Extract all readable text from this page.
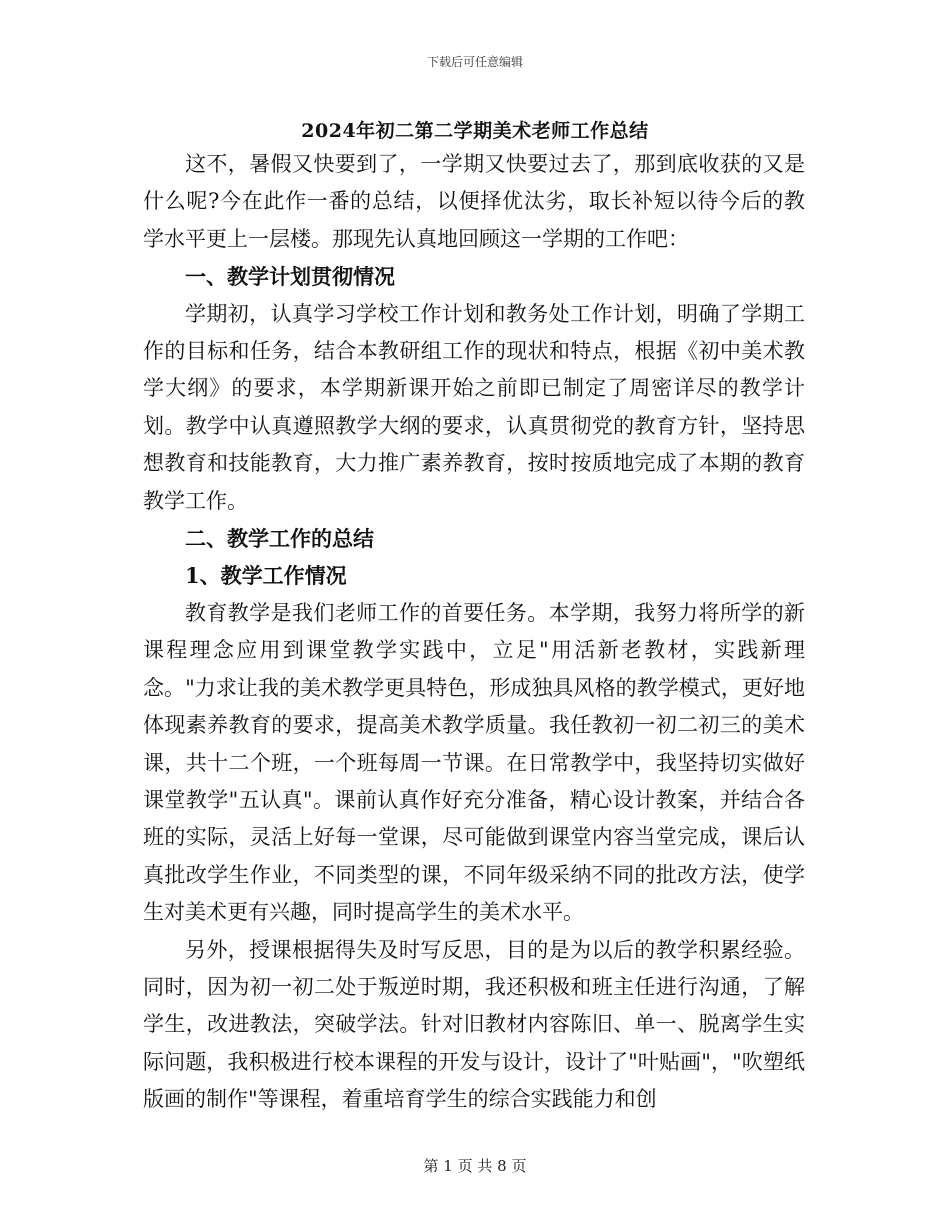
下载后可任意编辑
2024年初二第二学期美术老师工作总结

这不，暑假又快要到了，一学期又快要过去了，那到底收获的又是什么呢?今在此作一番的总结，以便择优汰劣，取长补短以待今后的教学水平更上一层楼。那现先认真地回顾这一学期的工作吧：

一、教学计划贯彻情况

学期初，认真学习学校工作计划和教务处工作计划，明确了学期工作的目标和任务，结合本教研组工作的现状和特点，根据《初中美术教学大纲》的要求，本学期新课开始之前即已制定了周密详尽的教学计划。教学中认真遵照教学大纲的要求，认真贯彻党的教育方针，坚持思想教育和技能教育，大力推广素养教育，按时按质地完成了本期的教育教学工作。

二、教学工作的总结

1、教学工作情况

教育教学是我们老师工作的首要任务。本学期，我努力将所学的新课程理念应用到课堂教学实践中，立足"用活新老教材，实践新理念。"力求让我的美术教学更具特色，形成独具风格的教学模式，更好地体现素养教育的要求，提高美术教学质量。我任教初一初二初三的美术课，共十二个班，一个班每周一节课。在日常教学中，我坚持切实做好课堂教学"五认真"。课前认真作好充分准备，精心设计教案，并结合各班的实际，灵活上好每一堂课，尽可能做到课堂内容当堂完成，课后认真批改学生作业，不同类型的课，不同年级采纳不同的批改方法，使学生对美术更有兴趣，同时提高学生的美术水平。

另外，授课根据得失及时写反思，目的是为以后的教学积累经验。同时，因为初一初二处于叛逆时期，我还积极和班主任进行沟通，了解学生，改进教法，突破学法。针对旧教材内容陈旧、单一、脱离学生实际问题，我积极进行校本课程的开发与设计，设计了"叶贴画"，"吹塑纸版画的制作"等课程，着重培育学生的综合实践能力和创

第 1 页 共 8 页
